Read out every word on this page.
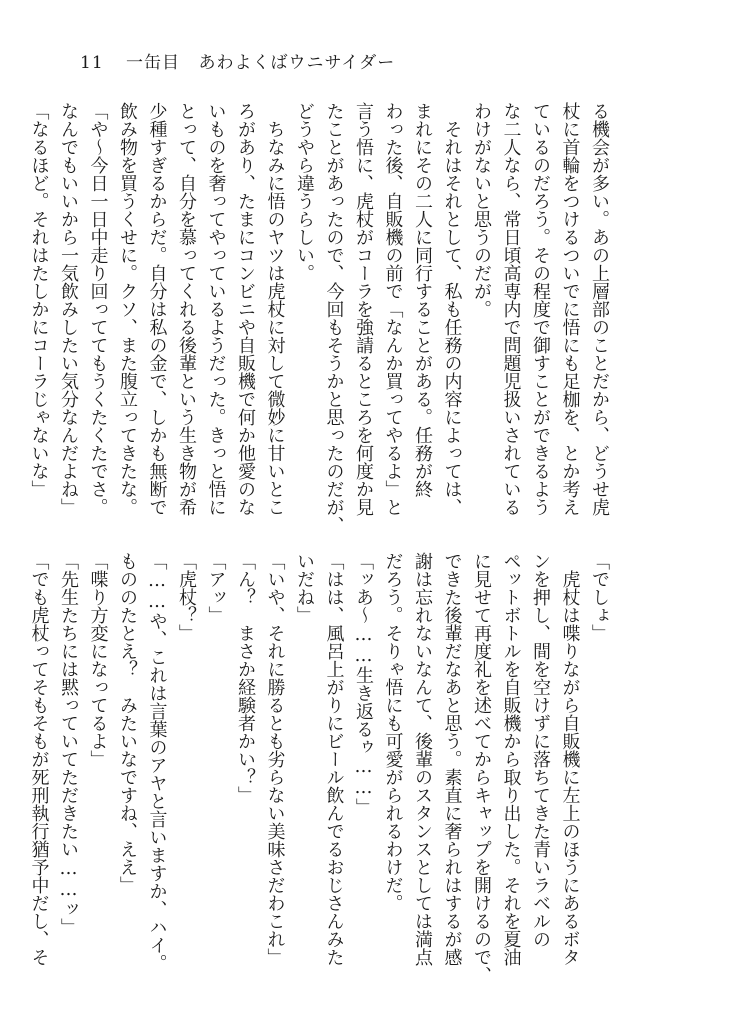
11 一缶目 あわよくばウニサイダー
る機会が多い。あの上層部のことだから、どうせ虎
杖に首輪をつけるついでに悟にも足枷を、とか考え
ているのだろう。その程度で御すことができるよう
な二人なら、常日頃高専内で問題児扱いされている
わけがないと思うのだが。
　それはそれとして、私も任務の内容によっては、
まれにその二人に同行することがある。任務が終
わった後、自販機の前で「なんか買ってやるよ」と
言う悟に、虎杖がコーラを強請るところを何度か見
たことがあったので、今回もそうかと思ったのだが、
どうやら違うらしい。
　ちなみに悟のヤツは虎杖に対して微妙に甘いとこ
ろがあり、たまにコンビニや自販機で何か他愛のな
いものを奢ってやっているようだった。きっと悟に
とって、自分を慕ってくれる後輩という生き物が希
少種すぎるからだ。自分は私の金で、しかも無断で
飲み物を買うくせに。クソ、また腹立ってきたな。
「や～今日一日中走り回っててもうくたくたでさ。
なんでもいいから一気飲みしたい気分なんだよね」
「なるほど。それはたしかにコーラじゃないな」
「でしょ」
　虎杖は喋りながら自販機に左上のほうにあるボタ
ンを押し、間を空けずに落ちてきた青いラベルの
ペットボトルを自販機から取り出した。それを夏油
に見せて再度礼を述べてからキャップを開けるので、
できた後輩だなあと思う。素直に奢られはするが感
謝は忘れないなんて、後輩のスタンスとしては満点
だろう。そりゃ悟にも可愛がられるわけだ。
「ッあ～……生き返るゥ……」
「はは、風呂上がりにビール飲んでるおじさんみた
いだね」
「いや、それに勝るとも劣らない美味さだわこれ」
「ん？　まさか経験者かい？」
「アッ」
「虎杖？」
「……や、これは言葉のアヤと言いますか、ハイ。
もののたとえ？　みたいなですね、ええ」
「喋り方変になってるよ」
「先生たちには黙っていてただきたい……ッ」
「でも虎杖ってそもそもが死刑執行猶予中だし、そ
